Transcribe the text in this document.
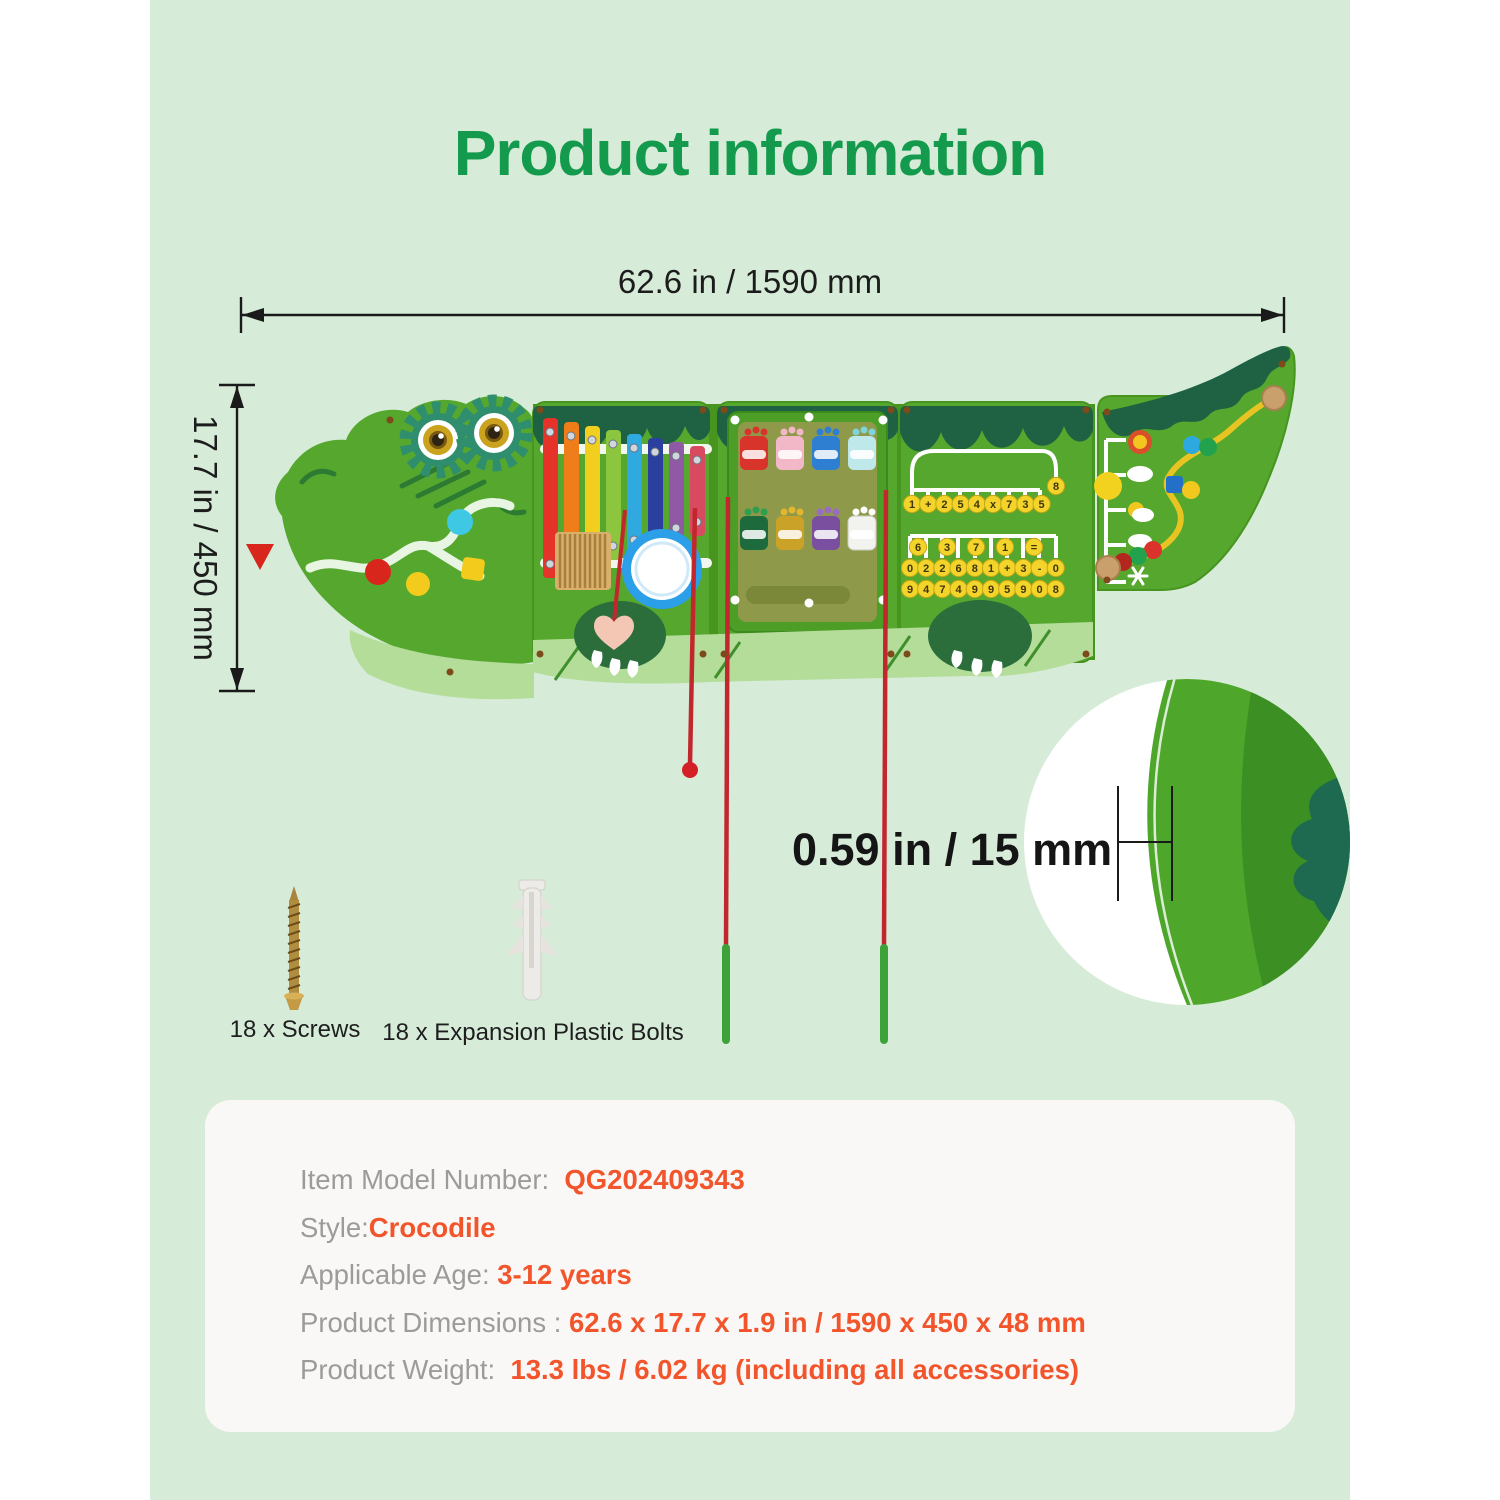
Product information
62.6 in / 1590 mm
17.7 in / 450 mm	1 + 2 5 4 x 7 3 5
8
6 3 7 1 =
0 2 2 6 8 1 + 3 - 0
9 4 7 4 9 9 5 9 0 8
0.59 in / 15 mm
18 x Screws 18 x Expansion Plastic Bolts
Item Model Number:  QG202409343
Style:Crocodile
Applicable Age: 3-12 years
Product Dimensions : 62.6 x 17.7 x 1.9 in / 1590 x 450 x 48 mm
Product Weight:  13.3 lbs / 6.02 kg (including all accessories)
